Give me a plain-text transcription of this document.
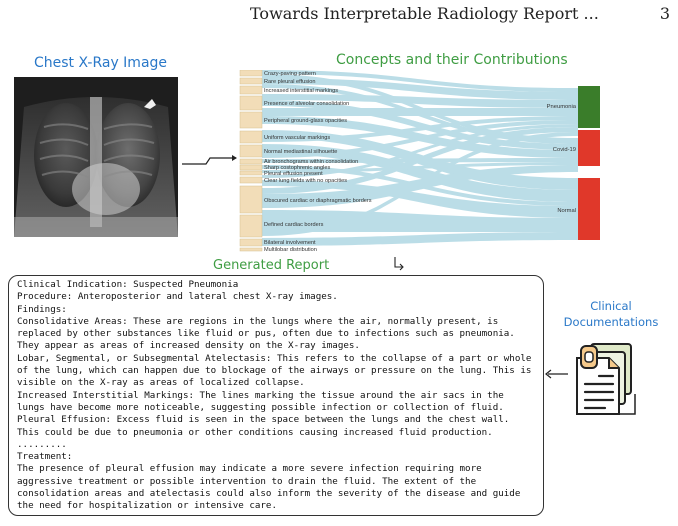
Towards Interpretable Radiology Report ...	3
Chest X-Ray Image	Concepts and their Contributions
Crazy-paving pattern
Rare pleural effusion
Increased interstitial markings
Presence of alveolar consolidation
Peripheral ground-glass opacities
Uniform vascular markings
Normal mediastinal silhouette
Air bronchograms within consolidation
Sharp costophrenic angles
Pleural effusion present
Clear lung fields with no opacities
Obscured cardiac or diaphragmatic borders
Defined cardiac borders
Bilateral involvement
Multilobar distribution
Pneumonia
Covid-19
Normal
Generated Report
Clinical Indication: Suspected Pneumonia
Procedure: Anteroposterior and lateral chest X-ray images.
Findings:
Consolidative Areas: These are regions in the lungs where the air, normally present, is
replaced by other substances like fluid or pus, often due to infections such as pneumonia.
They appear as areas of increased density on the X-ray images.
Lobar, Segmental, or Subsegmental Atelectasis: This refers to the collapse of a part or whole
of the lung, which can happen due to blockage of the airways or pressure on the lung. This is
visible on the X-ray as areas of localized collapse.
Increased Interstitial Markings: The lines marking the tissue around the air sacs in the
lungs have become more noticeable, suggesting possible infection or collection of fluid.
Pleural Effusion: Excess fluid is seen in the space between the lungs and the chest wall.
This could be due to pneumonia or other conditions causing increased fluid production.
.........
Treatment:
The presence of pleural effusion may indicate a more severe infection requiring more
aggressive treatment or possible intervention to drain the fluid. The extent of the
consolidation areas and atelectasis could also inform the severity of the disease and guide
the need for hospitalization or intensive care.
Clinical
Documentations
